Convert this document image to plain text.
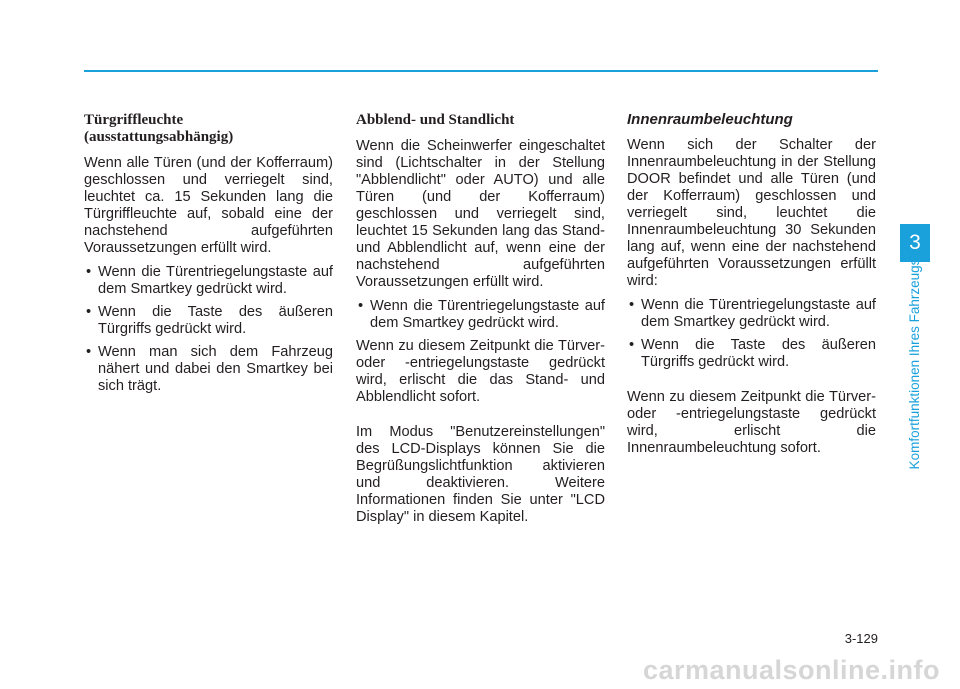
Türgriffleuchte
(ausstattungsabhängig)

Wenn alle Türen (und der Kofferraum) geschlossen und verriegelt sind, leuchtet ca. 15 Sekunden lang die Türgriffleuchte auf, sobald eine der nachstehend aufgeführten Voraussetzungen erfüllt wird.

• Wenn die Türentriegelungstaste auf dem Smartkey gedrückt wird.
• Wenn die Taste des äußeren Türgriffs gedrückt wird.
• Wenn man sich dem Fahrzeug nähert und dabei den Smartkey bei sich trägt.
Abblend- und Standlicht

Wenn die Scheinwerfer eingeschaltet sind (Lichtschalter in der Stellung "Abblendlicht" oder AUTO) und alle Türen (und der Kofferraum) geschlossen und verriegelt sind, leuchtet 15 Sekunden lang das Stand- und Abblendlicht auf, wenn eine der nachstehend aufgeführten Voraussetzungen erfüllt wird.

• Wenn die Türentriegelungstaste auf dem Smartkey gedrückt wird.

Wenn zu diesem Zeitpunkt die Türver- oder -entriegelungstaste gedrückt wird, erlischt die das Stand- und Abblendlicht sofort.

Im Modus "Benutzereinstellungen" des LCD-Displays können Sie die Begrüßungslichtfunktion aktivieren und deaktivieren. Weitere Informationen finden Sie unter "LCD Display" in diesem Kapitel.

Innenraumbeleuchtung

Wenn sich der Schalter der Innenraumbeleuchtung in der Stellung DOOR befindet und alle Türen (und der Kofferraum) geschlossen und verriegelt sind, leuchtet die Innenraumbeleuchtung 30 Sekunden lang auf, wenn eine der nachstehend aufgeführten Voraussetzungen erfüllt wird:

• Wenn die Türentriegelungstaste auf dem Smartkey gedrückt wird.
• Wenn die Taste des äußeren Türgriffs gedrückt wird.

Wenn zu diesem Zeitpunkt die Türver- oder -entriegelungstaste gedrückt wird, erlischt die Innenraumbeleuchtung sofort.

3
Komfortfunktionen Ihres Fahrzeugs
3-129
carmanualsonline.info
